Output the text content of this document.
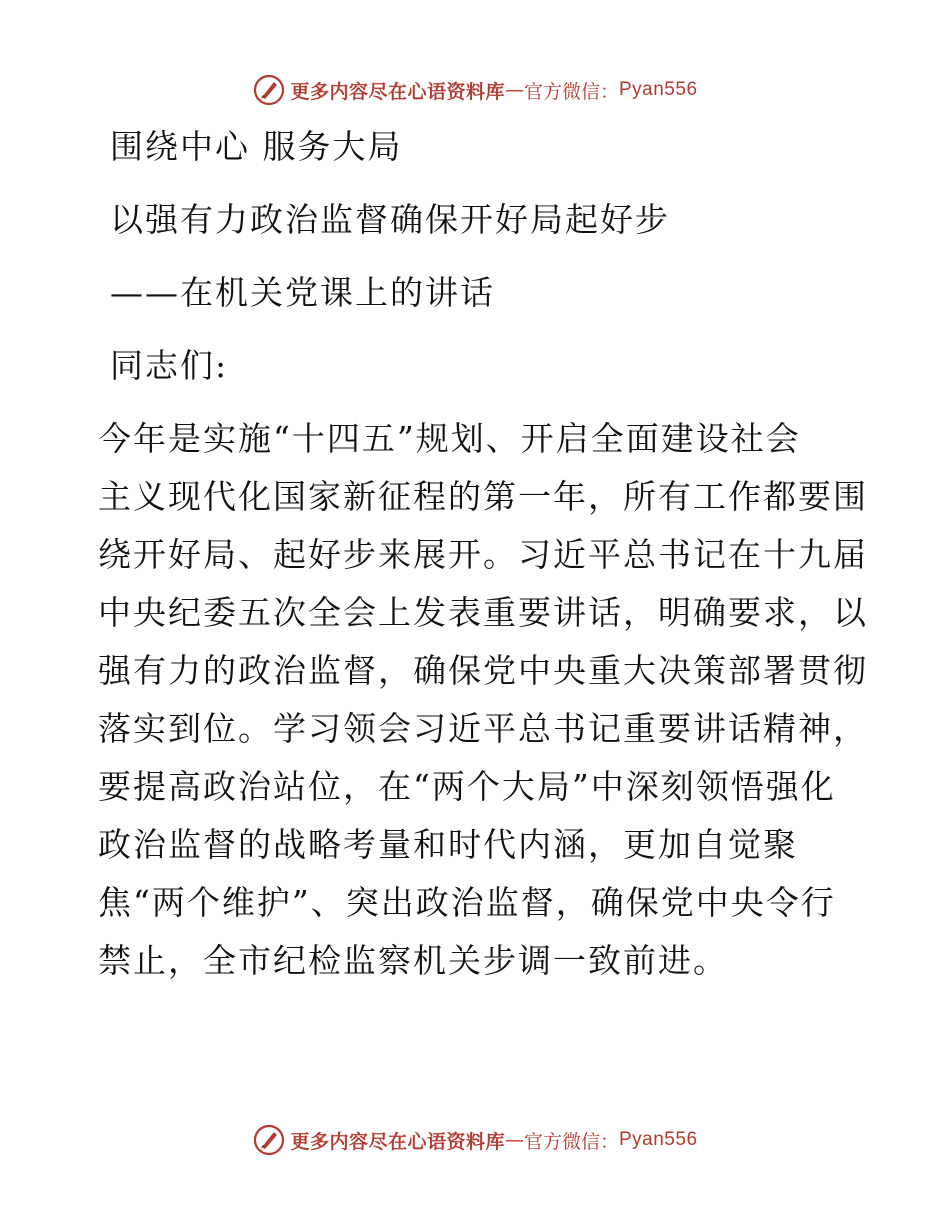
更多内容尽在心语资料库 — 官方微信： Pyan556
围绕中心 服务大局
以强有力政治监督确保开好局起好步
——在机关党课上的讲话
同志们:
今年是实施“十四五”规划、开启全面建设社会
主义现代化国家新征程的第一年，所有工作都要围
绕开好局、起好步来展开。习近平总书记在十九届
中央纪委五次全会上发表重要讲话，明确要求，以
强有力的政治监督，确保党中央重大决策部署贯彻
落实到位。学习领会习近平总书记重要讲话精神，
要提高政治站位，在“两个大局”中深刻领悟强化
政治监督的战略考量和时代内涵，更加自觉聚
焦“两个维护”、突出政治监督，确保党中央令行
禁止，全市纪检监察机关步调一致前进。
更多内容尽在心语资料库 — 官方微信： Pyan556
